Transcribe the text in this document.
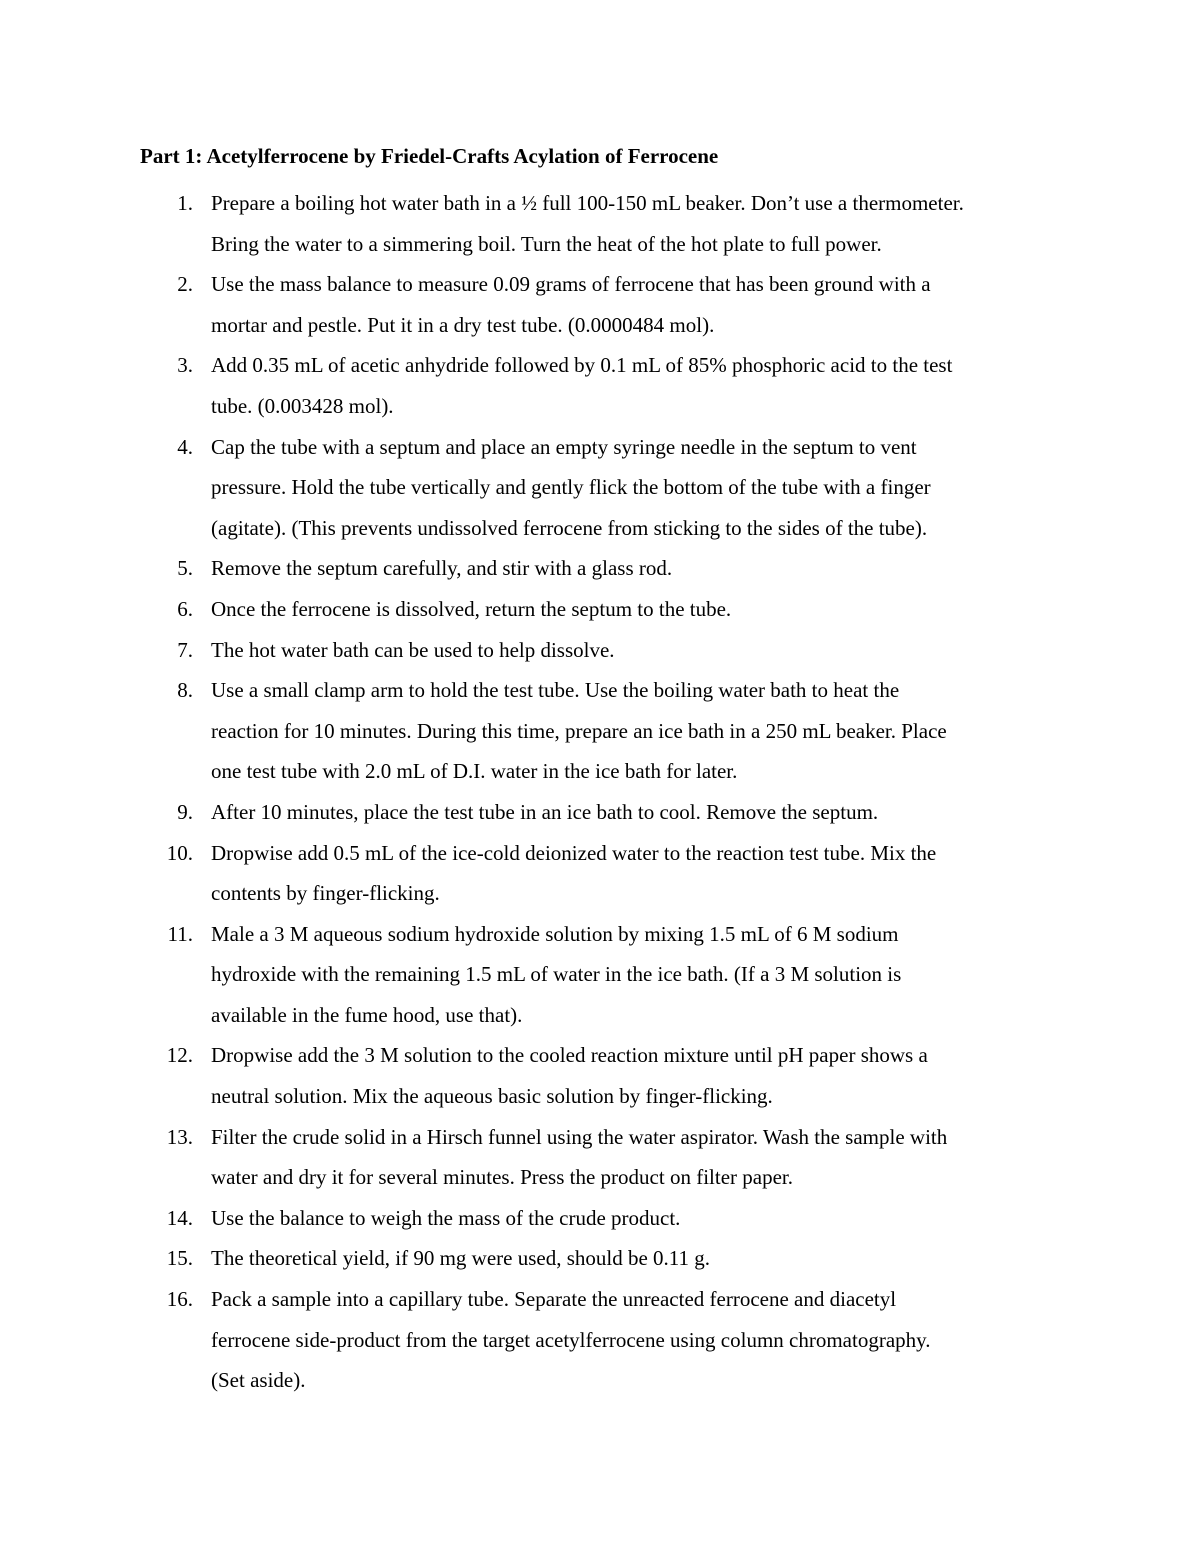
Part 1: Acetylferrocene by Friedel-Crafts Acylation of Ferrocene
1. Prepare a boiling hot water bath in a ½ full 100-150 mL beaker. Don’t use a thermometer.
Bring the water to a simmering boil. Turn the heat of the hot plate to full power.
2. Use the mass balance to measure 0.09 grams of ferrocene that has been ground with a
mortar and pestle. Put it in a dry test tube. (0.0000484 mol).
3. Add 0.35 mL of acetic anhydride followed by 0.1 mL of 85% phosphoric acid to the test
tube. (0.003428 mol).
4. Cap the tube with a septum and place an empty syringe needle in the septum to vent
pressure. Hold the tube vertically and gently flick the bottom of the tube with a finger
(agitate). (This prevents undissolved ferrocene from sticking to the sides of the tube).
5. Remove the septum carefully, and stir with a glass rod.
6. Once the ferrocene is dissolved, return the septum to the tube.
7. The hot water bath can be used to help dissolve.
8. Use a small clamp arm to hold the test tube. Use the boiling water bath to heat the
reaction for 10 minutes. During this time, prepare an ice bath in a 250 mL beaker. Place
one test tube with 2.0 mL of D.I. water in the ice bath for later.
9. After 10 minutes, place the test tube in an ice bath to cool. Remove the septum.
10. Dropwise add 0.5 mL of the ice-cold deionized water to the reaction test tube. Mix the
contents by finger-flicking.
11. Male a 3 M aqueous sodium hydroxide solution by mixing 1.5 mL of 6 M sodium
hydroxide with the remaining 1.5 mL of water in the ice bath. (If a 3 M solution is
available in the fume hood, use that).
12. Dropwise add the 3 M solution to the cooled reaction mixture until pH paper shows a
neutral solution. Mix the aqueous basic solution by finger-flicking.
13. Filter the crude solid in a Hirsch funnel using the water aspirator. Wash the sample with
water and dry it for several minutes. Press the product on filter paper.
14. Use the balance to weigh the mass of the crude product.
15. The theoretical yield, if 90 mg were used, should be 0.11 g.
16. Pack a sample into a capillary tube. Separate the unreacted ferrocene and diacetyl
ferrocene side-product from the target acetylferrocene using column chromatography.
(Set aside).
